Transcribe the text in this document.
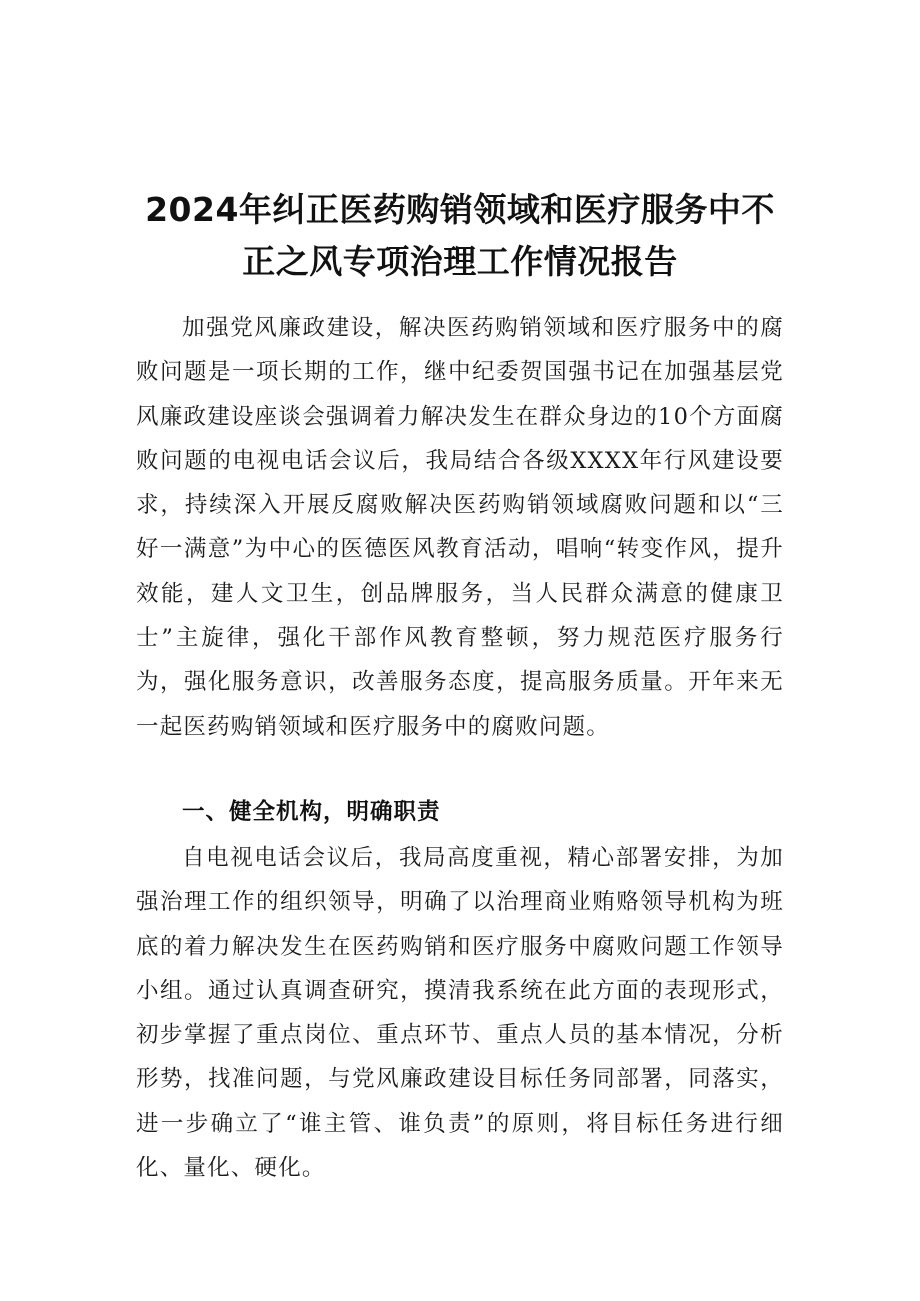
2024年纠正医药购销领域和医疗服务中不
正之风专项治理工作情况报告

加强党风廉政建设，解决医药购销领域和医疗服务中的腐败问题是一项长期的工作，继中纪委贺国强书记在加强基层党风廉政建设座谈会强调着力解决发生在群众身边的10个方面腐败问题的电视电话会议后，我局结合各级XXXX年行风建设要求，持续深入开展反腐败解决医药购销领域腐败问题和以“三好一满意”为中心的医德医风教育活动，唱响“转变作风，提升效能，建人文卫生，创品牌服务，当人民群众满意的健康卫士”主旋律，强化干部作风教育整顿，努力规范医疗服务行为，强化服务意识，改善服务态度，提高服务质量。开年来无一起医药购销领域和医疗服务中的腐败问题。

一、健全机构，明确职责

自电视电话会议后，我局高度重视，精心部署安排，为加强治理工作的组织领导，明确了以治理商业贿赂领导机构为班底的着力解决发生在医药购销和医疗服务中腐败问题工作领导小组。通过认真调查研究，摸清我系统在此方面的表现形式，初步掌握了重点岗位、重点环节、重点人员的基本情况，分析形势，找准问题，与党风廉政建设目标任务同部署，同落实，进一步确立了“谁主管、谁负责”的原则，将目标任务进行细化、量化、硬化。
